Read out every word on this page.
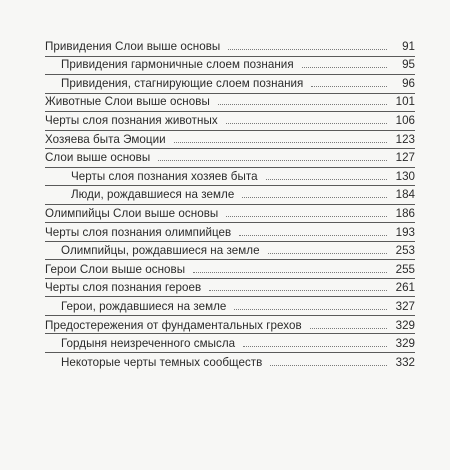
Привидения Слои выше основы	91
Привидения гармоничные слоем познания	95
Привидения, стагнирующие слоем познания	96
Животные Слои выше основы	101
Черты слоя познания животных	106
Хозяева быта Эмоции	123
Слои выше основы	127
Черты слоя познания хозяев быта	130
Люди, рождавшиеся на земле	184
Олимпийцы Слои выше основы	186
Черты слоя познания олимпийцев	193
Олимпийцы, рождавшиеся на земле	253
Герои Слои выше основы	255
Черты слоя познания героев	261
Герои, рождавшиеся на земле	327
Предостережения от фундаментальных грехов	329
Гордыня неизреченного смысла	329
Некоторые черты темных сообществ	332
